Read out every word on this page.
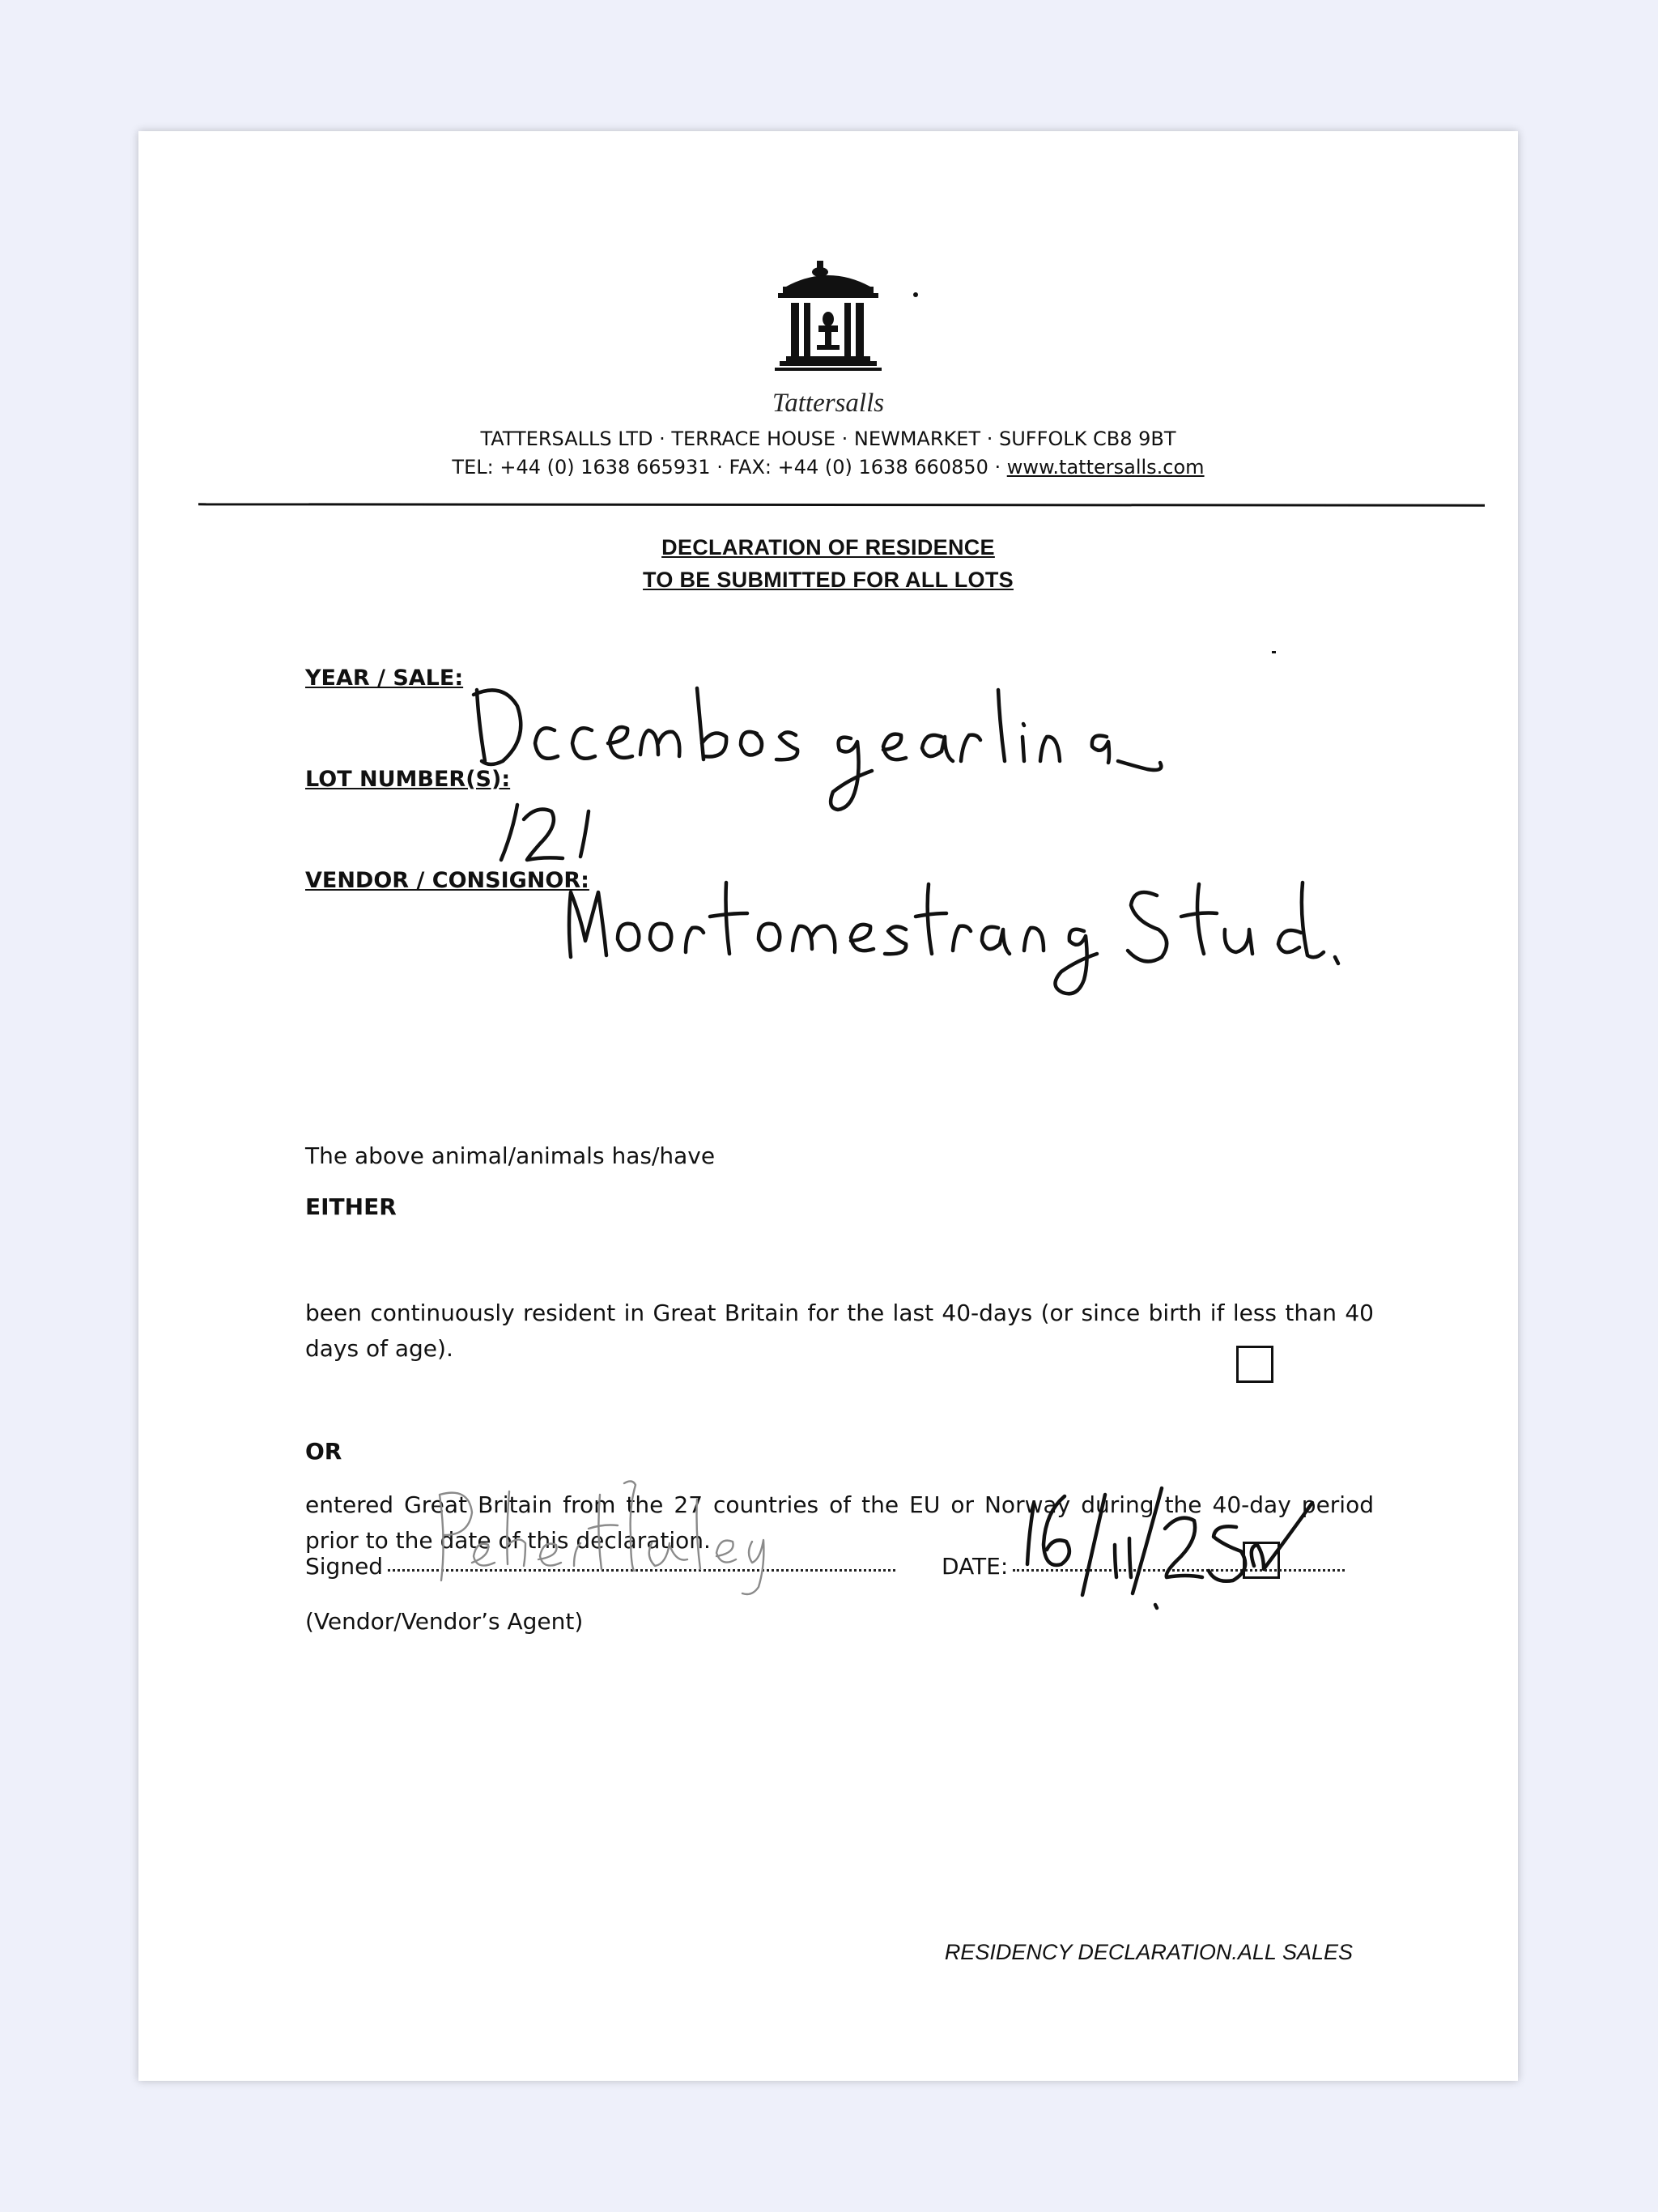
Tattersalls
TATTERSALLS LTD · TERRACE HOUSE · NEWMARKET · SUFFOLK CB8 9BT
TEL: +44 (0) 1638 665931 · FAX: +44 (0) 1638 660850 · www.tattersalls.com
DECLARATION OF RESIDENCE
TO BE SUBMITTED FOR ALL LOTS
YEAR / SALE:
LOT NUMBER(S):
VENDOR / CONSIGNOR:
The above animal/animals has/have
EITHER
been continuously resident in Great Britain for the last 40-days (or since birth if less than 40 days of age).
OR
entered Great Britain from the 27 countries of the EU or Norway during the 40-day period prior to the date of this declaration.
Signed
(Vendor/Vendor’s Agent)
DATE:
RESIDENCY DECLARATION.ALL SALES
